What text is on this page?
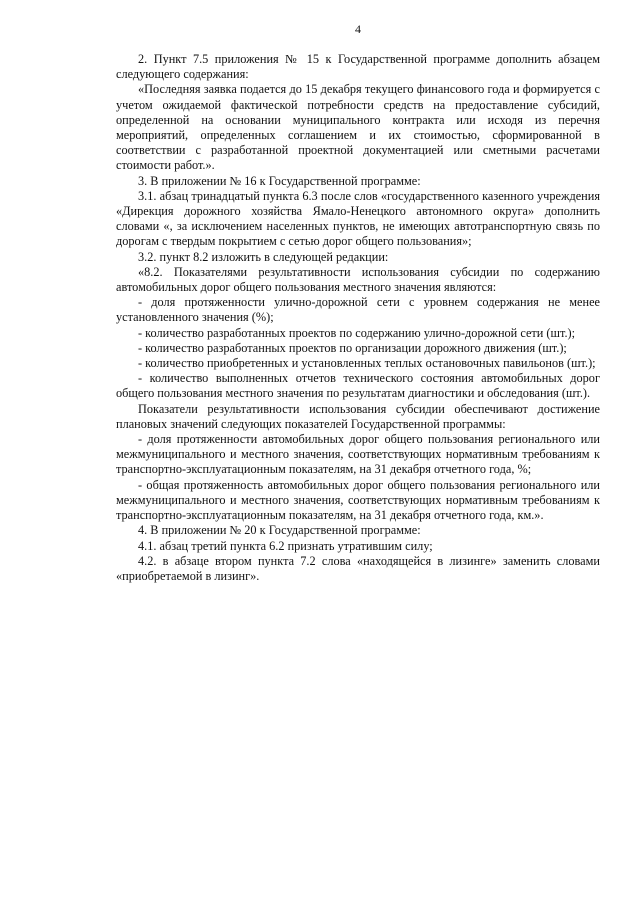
4

2. Пункт 7.5 приложения № 15 к Государственной программе дополнить абзацем следующего содержания:

«Последняя заявка подается до 15 декабря текущего финансового года и формируется с учетом ожидаемой фактической потребности средств на предоставление субсидий, определенной на основании муниципального контракта или исходя из перечня мероприятий, определенных соглашением и их стоимостью, сформированной в соответствии с разработанной проектной документацией или сметными расчетами стоимости работ.».

3. В приложении № 16 к Государственной программе:

3.1. абзац тринадцатый пункта 6.3 после слов «государственного казенного учреждения «Дирекция дорожного хозяйства Ямало-Ненецкого автономного округа» дополнить словами «, за исключением населенных пунктов, не имеющих автотранспортную связь по дорогам с твердым покрытием с сетью дорог общего пользования»;

3.2. пункт 8.2 изложить в следующей редакции:

«8.2. Показателями результативности использования субсидии по содержанию автомобильных дорог общего пользования местного значения являются:

- доля протяженности улично-дорожной сети с уровнем содержания не менее установленного значения (%);

- количество разработанных проектов по содержанию улично-дорожной сети (шт.);

- количество разработанных проектов по организации дорожного движения (шт.);

- количество приобретенных и установленных теплых остановочных павильонов (шт.);

- количество выполненных отчетов технического состояния автомобильных дорог общего пользования местного значения по результатам диагностики и обследования (шт.).

Показатели результативности использования субсидии обеспечивают достижение плановых значений следующих показателей Государственной программы:

- доля протяженности автомобильных дорог общего пользования регионального или межмуниципального и местного значения, соответствующих нормативным требованиям к транспортно-эксплуатационным показателям, на 31 декабря отчетного года, %;

- общая протяженность автомобильных дорог общего пользования регионального или межмуниципального и местного значения, соответствующих нормативным требованиям к транспортно-эксплуатационным показателям, на 31 декабря отчетного года, км.».

4. В приложении № 20 к Государственной программе:

4.1. абзац третий пункта 6.2 признать утратившим силу;

4.2. в абзаце втором пункта 7.2 слова «находящейся в лизинге» заменить словами «приобретаемой в лизинг».
